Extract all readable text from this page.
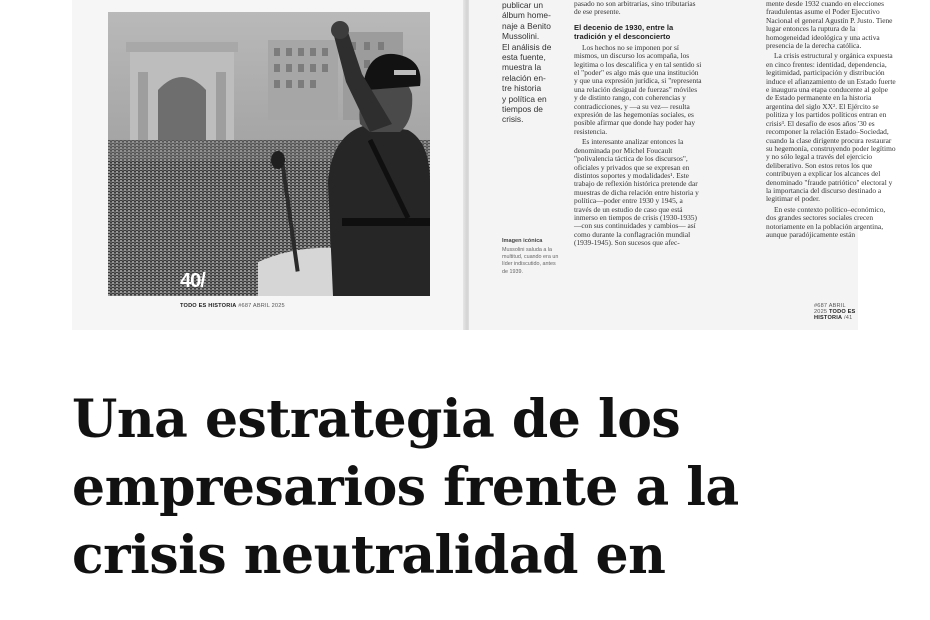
40/
TODO ES HISTORIA #687 ABRIL 2025

publicar un

álbum home-

naje a Benito

Mussolini.

El análisis de

esta fuente,

muestra la

relación en-

tre historia

y política en

tiempos de

crisis.

Imagen icónica
Mussolini saluda a la multitud, cuando era un líder indiscutido, antes de 1939.

pasado no son arbitrarias, sino tributarias de ese presente.

El decenio de 1930, entre la tradición y el desconcierto

Los hechos no se imponen por sí mismos, un discurso los acompaña, los legitima o los descalifica y en tal sentido si el "poder" es algo más que una institución y que una expresión jurídica, si "representa una relación desigual de fuerzas" móviles y de distinto rango, con coherencias y contradicciones, y —a su vez— resulta expresión de las hegemonías sociales, es posible afirmar que donde hay poder hay resistencia.

Es interesante analizar entonces la denominada por Michel Foucault "polivalencia táctica de los discursos", oficiales y privados que se expresan en distintos soportes y modalidades¹. Este trabajo de reflexión histórica pretende dar muestras de dicha relación entre historia y política—poder entre 1930 y 1945, a través de un estudio de caso que está inmerso en tiempos de crisis (1930-1935) —con sus continuidades y cambios— así como durante la conflagración mundial (1939-1945). Son sucesos que afec-

mente desde 1932 cuando en elecciones fraudulentas asume el Poder Ejecutivo Nacional el general Agustín P. Justo. Tiene lugar entonces la ruptura de la homogeneidad ideológica y una activa presencia de la derecha católica.

La crisis estructural y orgánica expuesta en cinco frentes: identidad, dependencia, legitimidad, participación y distribución induce el afianzamiento de un Estado fuerte e inaugura una etapa conducente al golpe de Estado permanente en la historia argentina del siglo XX². El Ejército se politiza y los partidos políticos entran en crisis³. El desafío de esos años '30 es recomponer la relación Estado–Sociedad, cuando la clase dirigente procura restaurar su hegemonía, construyendo poder legítimo y no sólo legal a través del ejercicio deliberativo. Son estos retos los que contribuyen a explicar los alcances del denominado "fraude patriótico" electoral y la importancia del discurso destinado a legitimar el poder.

En este contexto político–económico, dos grandes sectores sociales crecen notoriamente en la población argentina, aunque paradójicamente están

#687 ABRIL 2025 TODO ES HISTORIA /41
Una estrategia de los empresarios frente a la crisis neutralidad en
